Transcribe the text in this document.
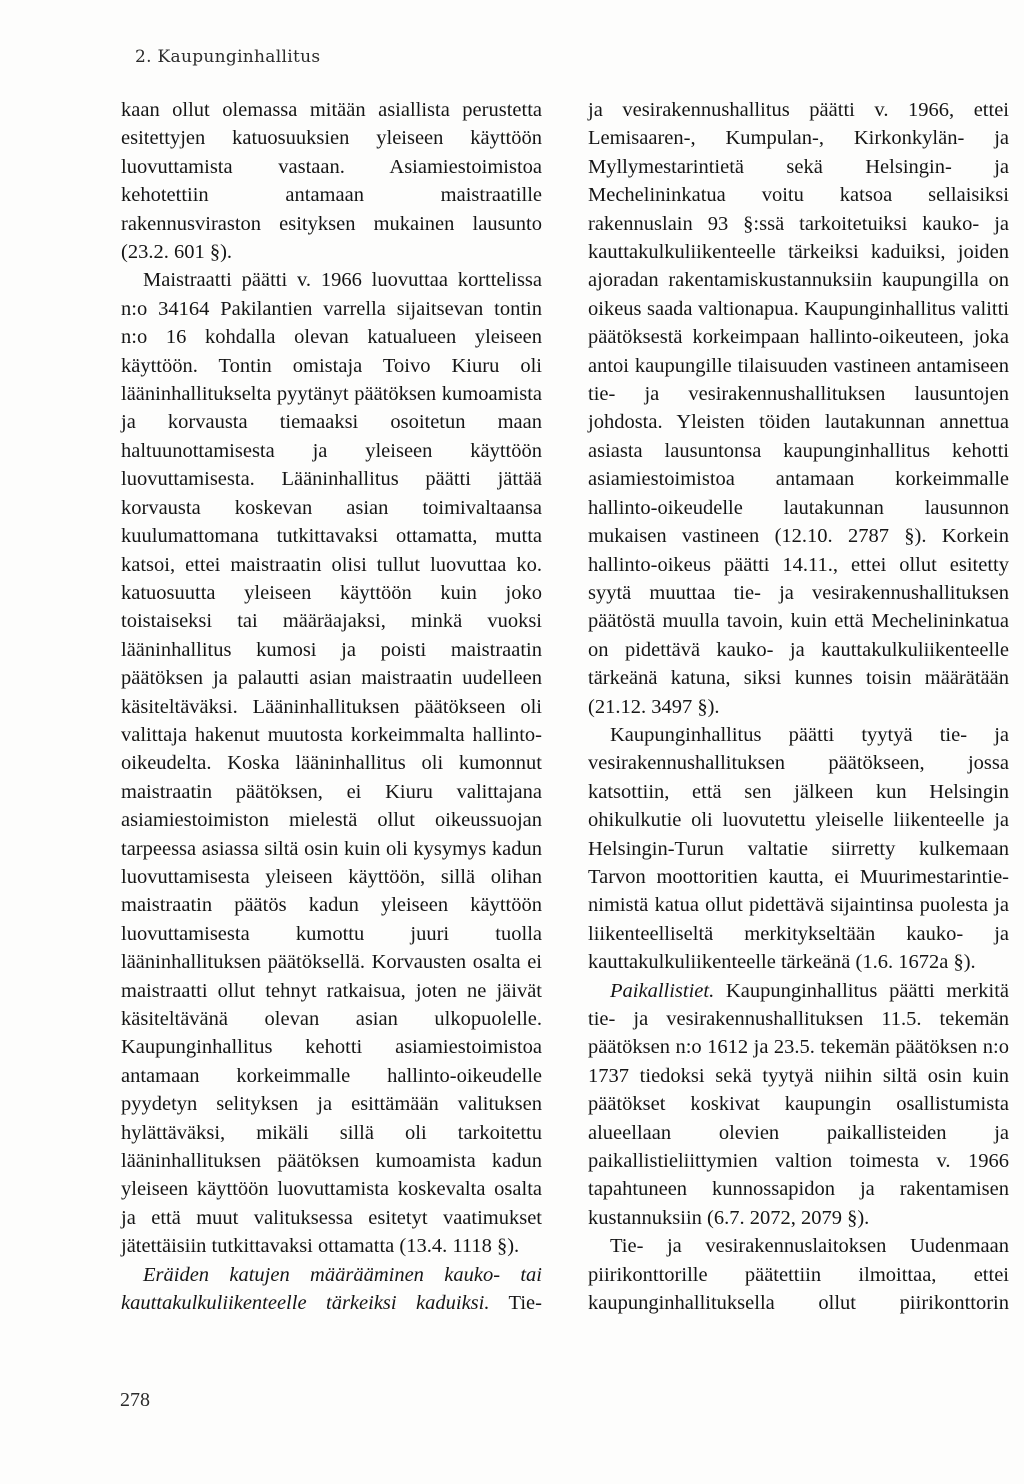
2. Kaupunginhallitus

kaan ollut olemassa mitään asiallista perustetta esitettyjen katuosuuksien yleiseen käyttöön luovuttamista vastaan. Asiamiestoimistoa kehotettiin antamaan maistraatille rakennusviraston esityksen mukainen lausunto (23.2. 601 §).

Maistraatti päätti v. 1966 luovuttaa korttelissa n:o 34164 Pakilantien varrella sijaitsevan tontin n:o 16 kohdalla olevan katualueen yleiseen käyttöön. Tontin omistaja Toivo Kiuru oli lääninhallitukselta pyytänyt päätöksen kumoamista ja korvausta tiemaaksi osoitetun maan haltuunottamisesta ja yleiseen käyttöön luovuttamisesta. Lääninhallitus päätti jättää korvausta koskevan asian toimivaltaansa kuulumattomana tutkittavaksi ottamatta, mutta katsoi, ettei maistraatin olisi tullut luovuttaa ko. katuosuutta yleiseen käyttöön kuin joko toistaiseksi tai määräajaksi, minkä vuoksi lääninhallitus kumosi ja poisti maistraatin päätöksen ja palautti asian maistraatin uudelleen käsiteltäväksi. Lääninhallituksen päätökseen oli valittaja hakenut muutosta korkeimmalta hallinto-oikeudelta. Koska lääninhallitus oli kumonnut maistraatin päätöksen, ei Kiuru valittajana asiamiestoimiston mielestä ollut oikeussuojan tarpeessa asiassa siltä osin kuin oli kysymys kadun luovuttamisesta yleiseen käyttöön, sillä olihan maistraatin päätös kadun yleiseen käyttöön luovuttamisesta kumottu juuri tuolla lääninhallituksen päätöksellä. Korvausten osalta ei maistraatti ollut tehnyt ratkaisua, joten ne jäivät käsiteltävänä olevan asian ulkopuolelle. Kaupunginhallitus kehotti asiamiestoimistoa antamaan korkeimmalle hallinto-oikeudelle pyydetyn selityksen ja esittämään valituksen hylättäväksi, mikäli sillä oli tarkoitettu lääninhallituksen päätöksen kumoamista kadun yleiseen käyttöön luovuttamista koskevalta osalta ja että muut valituksessa esitetyt vaatimukset jätettäisiin tutkittavaksi ottamatta (13.4. 1118 §).

Eräiden katujen määrääminen kauko- tai kauttakulkuliikenteelle tärkeiksi kaduiksi. Tie-

ja vesirakennushallitus päätti v. 1966, ettei Lemisaaren-, Kumpulan-, Kirkonkylän- ja Myllymestarintietä sekä Helsingin- ja Mechelininkatua voitu katsoa sellaisiksi rakennuslain 93 §:ssä tarkoitetuiksi kauko- ja kauttakulkuliikenteelle tärkeiksi kaduiksi, joiden ajoradan rakentamiskustannuksiin kaupungilla on oikeus saada valtionapua. Kaupunginhallitus valitti päätöksestä korkeimpaan hallinto-oikeuteen, joka antoi kaupungille tilaisuuden vastineen antamiseen tie- ja vesirakennushallituksen lausuntojen johdosta. Yleisten töiden lautakunnan annettua asiasta lausuntonsa kaupunginhallitus kehotti asiamiestoimistoa antamaan korkeimmalle hallinto-oikeudelle lautakunnan lausunnon mukaisen vastineen (12.10. 2787 §). Korkein hallinto-oikeus päätti 14.11., ettei ollut esitetty syytä muuttaa tie- ja vesirakennushallituksen päätöstä muulla tavoin, kuin että Mechelininkatua on pidettävä kauko- ja kauttakulkuliikenteelle tärkeänä katuna, siksi kunnes toisin määrätään (21.12. 3497 §).

Kaupunginhallitus päätti tyytyä tie- ja vesirakennushallituksen päätökseen, jossa katsottiin, että sen jälkeen kun Helsingin ohikulkutie oli luovutettu yleiselle liikenteelle ja Helsingin-Turun valtatie siirretty kulkemaan Tarvon moottoritien kautta, ei Muurimestarintie- nimistä katua ollut pidettävä sijaintinsa puolesta ja liikenteelliseltä merkitykseltään kauko- ja kauttakulkuliikenteelle tärkeänä (1.6. 1672a §).

Paikallistiet. Kaupunginhallitus päätti merkitä tie- ja vesirakennushallituksen 11.5. tekemän päätöksen n:o 1612 ja 23.5. tekemän päätöksen n:o 1737 tiedoksi sekä tyytyä niihin siltä osin kuin päätökset koskivat kaupungin osallistumista alueellaan olevien paikallisteiden ja paikallistieliittymien valtion toimesta v. 1966 tapahtuneen kunnossapidon ja rakentamisen kustannuksiin (6.7. 2072, 2079 §).

Tie- ja vesirakennuslaitoksen Uudenmaan piirikonttorille päätettiin ilmoittaa, ettei kaupunginhallituksella ollut piirikonttorin

278
